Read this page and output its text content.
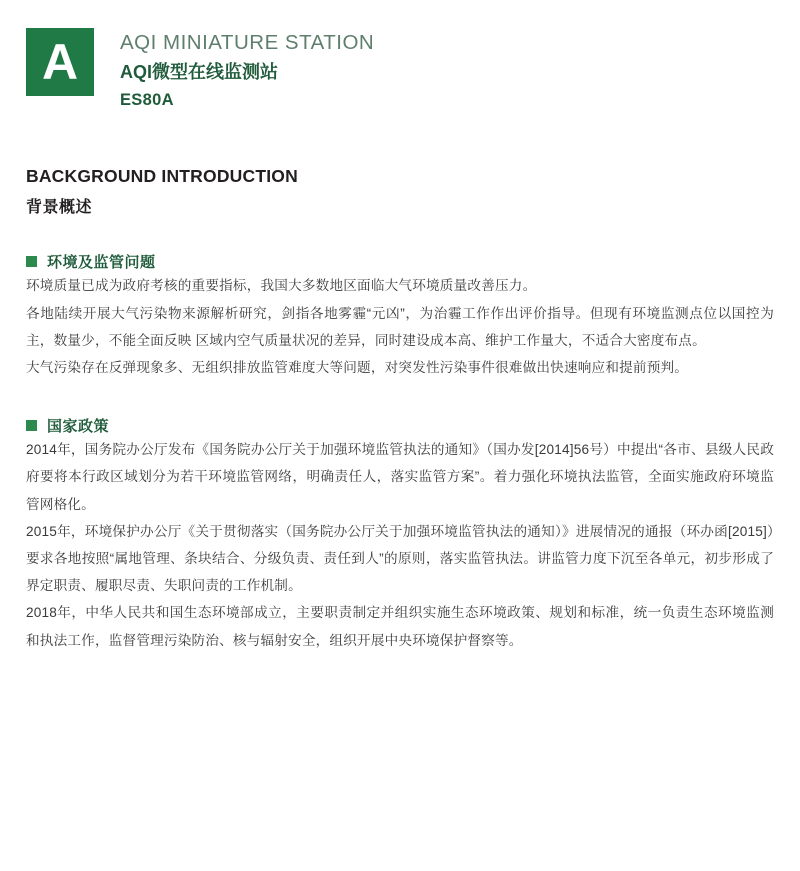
A	AQI MINIATURE STATION
AQI微型在线监测站
ES80A
BACKGROUND INTRODUCTION
背景概述
环境及监管问题

环境质量已成为政府考核的重要指标，我国大多数地区面临大气环境质量改善压力。

各地陆续开展大气污染物来源解析研究，剑指各地雾霾“元凶”，为治霾工作作出评价指导。但现有环境监测点位以国控为主，数量少，不能全面反映 区域内空气质量状况的差异，同时建设成本高、维护工作量大，不适合大密度布点。

大气污染存在反弹现象多、无组织排放监管难度大等问题，对突发性污染事件很难做出快速响应和提前预判。

国家政策

2014年，国务院办公厅发布《国务院办公厅关于加强环境监管执法的通知》（国办发[2014]56号）中提出“各市、县级人民政府要将本行政区域划分为若干环境监管网络，明确责任人，落实监管方案”。着力强化环境执法监管，全面实施政府环境监管网格化。

2015年，环境保护办公厅《关于贯彻落实（国务院办公厅关于加强环境监管执法的通知）》进展情况的通报（环办函[2015]）要求各地按照“属地管理、条块结合、分级负责、责任到人”的原则，落实监管执法。讲监管力度下沉至各单元，初步形成了界定职责、履职尽责、失职问责的工作机制。

2018年，中华人民共和国生态环境部成立，主要职责制定并组织实施生态环境政策、规划和标准，统一负责生态环境监测和执法工作，监督管理污染防治、核与辐射安全，组织开展中央环境保护督察等。
